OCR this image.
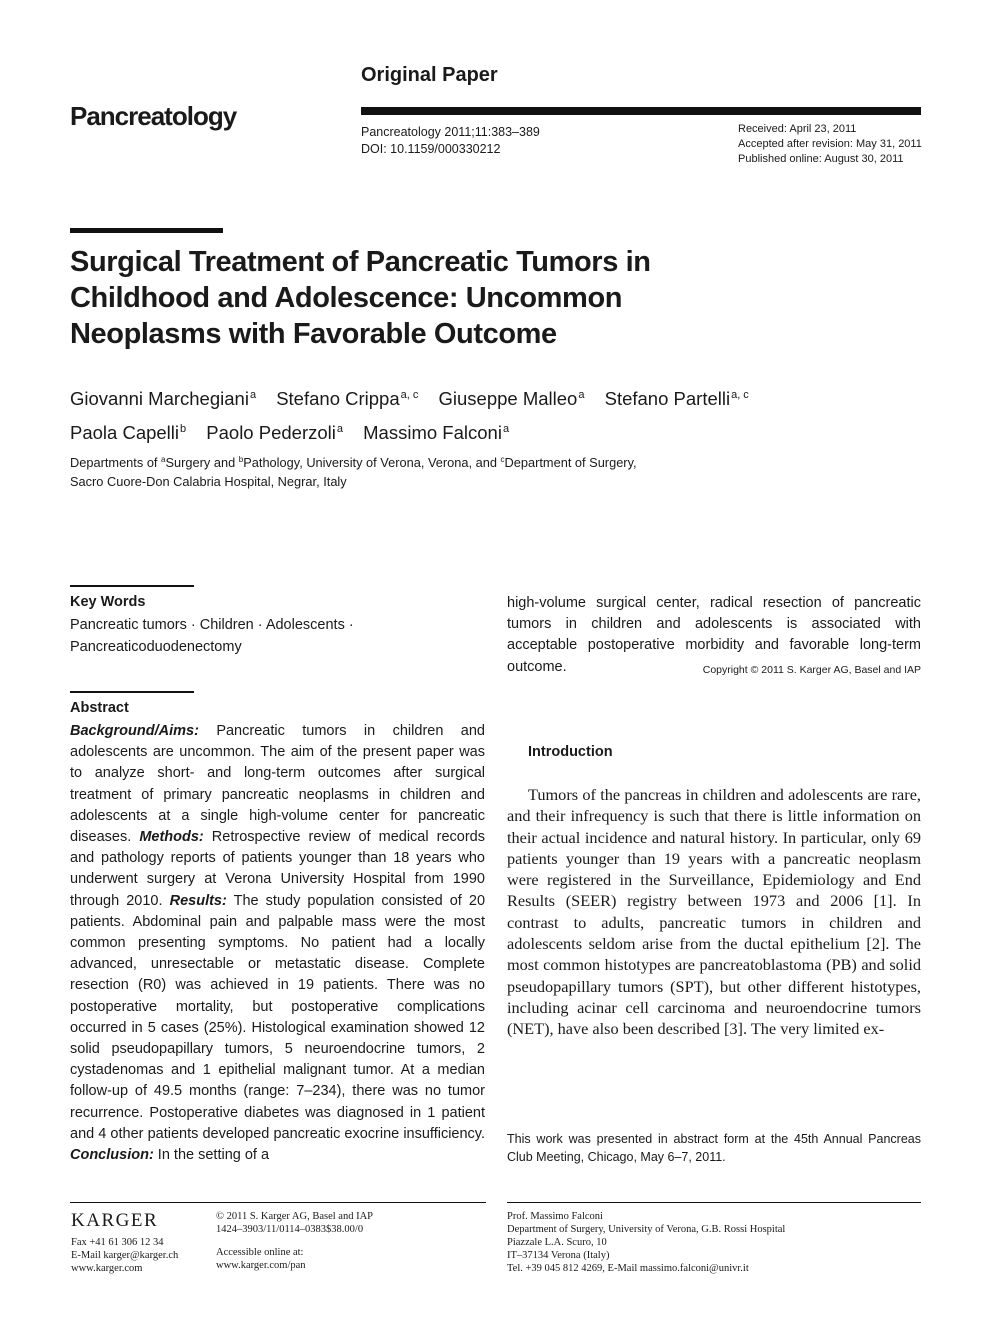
Pancreatology
Original Paper
Pancreatology 2011;11:383–389
DOI: 10.1159/000330212
Received: April 23, 2011
Accepted after revision: May 31, 2011
Published online: August 30, 2011
Surgical Treatment of Pancreatic Tumors in Childhood and Adolescence: Uncommon Neoplasms with Favorable Outcome
Giovanni Marchegiani$^a$ Stefano Crippa$^{a, c}$ Giuseppe Malleo$^a$ Stefano Partelli$^{a, c}$
Paola Capelli$^b$ Paolo Pederzoli$^a$ Massimo Falconi$^a$
Departments of $^a$Surgery and $^b$Pathology, University of Verona, Verona, and $^c$Department of Surgery,
Sacro Cuore-Don Calabria Hospital, Negrar, Italy
Key Words
Pancreatic tumors · Children · Adolescents ·
Pancreaticoduodenectomy
Abstract
Background/Aims: Pancreatic tumors in children and adolescents are uncommon. The aim of the present paper was to analyze short- and long-term outcomes after surgical treatment of primary pancreatic neoplasms in children and adolescents at a single high-volume center for pancreatic diseases. Methods: Retrospective review of medical records and pathology reports of patients younger than 18 years who underwent surgery at Verona University Hospital from 1990 through 2010. Results: The study population consisted of 20 patients. Abdominal pain and palpable mass were the most common presenting symptoms. No patient had a locally advanced, unresectable or metastatic disease. Complete resection (R0) was achieved in 19 patients. There was no postoperative mortality, but postoperative complications occurred in 5 cases (25%). Histological examination showed 12 solid pseudopapillary tumors, 5 neuroendocrine tumors, 2 cystadenomas and 1 epithelial malignant tumor. At a median follow-up of 49.5 months (range: 7–234), there was no tumor recurrence. Postoperative diabetes was diagnosed in 1 patient and 4 other patients developed pancreatic exocrine insufficiency. Conclusion: In the setting of a
high-volume surgical center, radical resection of pancreatic tumors in children and adolescents is associated with acceptable postoperative morbidity and favorable long-term outcome.	Copyright © 2011 S. Karger AG, Basel and IAP
Introduction
Tumors of the pancreas in children and adolescents are rare, and their infrequency is such that there is little information on their actual incidence and natural history. In particular, only 69 patients younger than 19 years with a pancreatic neoplasm were registered in the Surveillance, Epidemiology and End Results (SEER) registry between 1973 and 2006 [1]. In contrast to adults, pancreatic tumors in children and adolescents seldom arise from the ductal epithelium [2]. The most common histotypes are pancreatoblastoma (PB) and solid pseudopapillary tumors (SPT), but other different histotypes, including acinar cell carcinoma and neuroendocrine tumors (NET), have also been described [3]. The very limited ex-
This work was presented in abstract form at the 45th Annual Pancreas Club Meeting, Chicago, May 6–7, 2011.
KARGER
Fax +41 61 306 12 34
E-Mail karger@karger.ch
www.karger.com
© 2011 S. Karger AG, Basel and IAP
1424–3903/11/0114–0383$38.00/0
Accessible online at:
www.karger.com/pan
Prof. Massimo Falconi
Department of Surgery, University of Verona, G.B. Rossi Hospital
Piazzale L.A. Scuro, 10
IT–37134 Verona (Italy)
Tel. +39 045 812 4269, E-Mail massimo.falconi@univr.it
